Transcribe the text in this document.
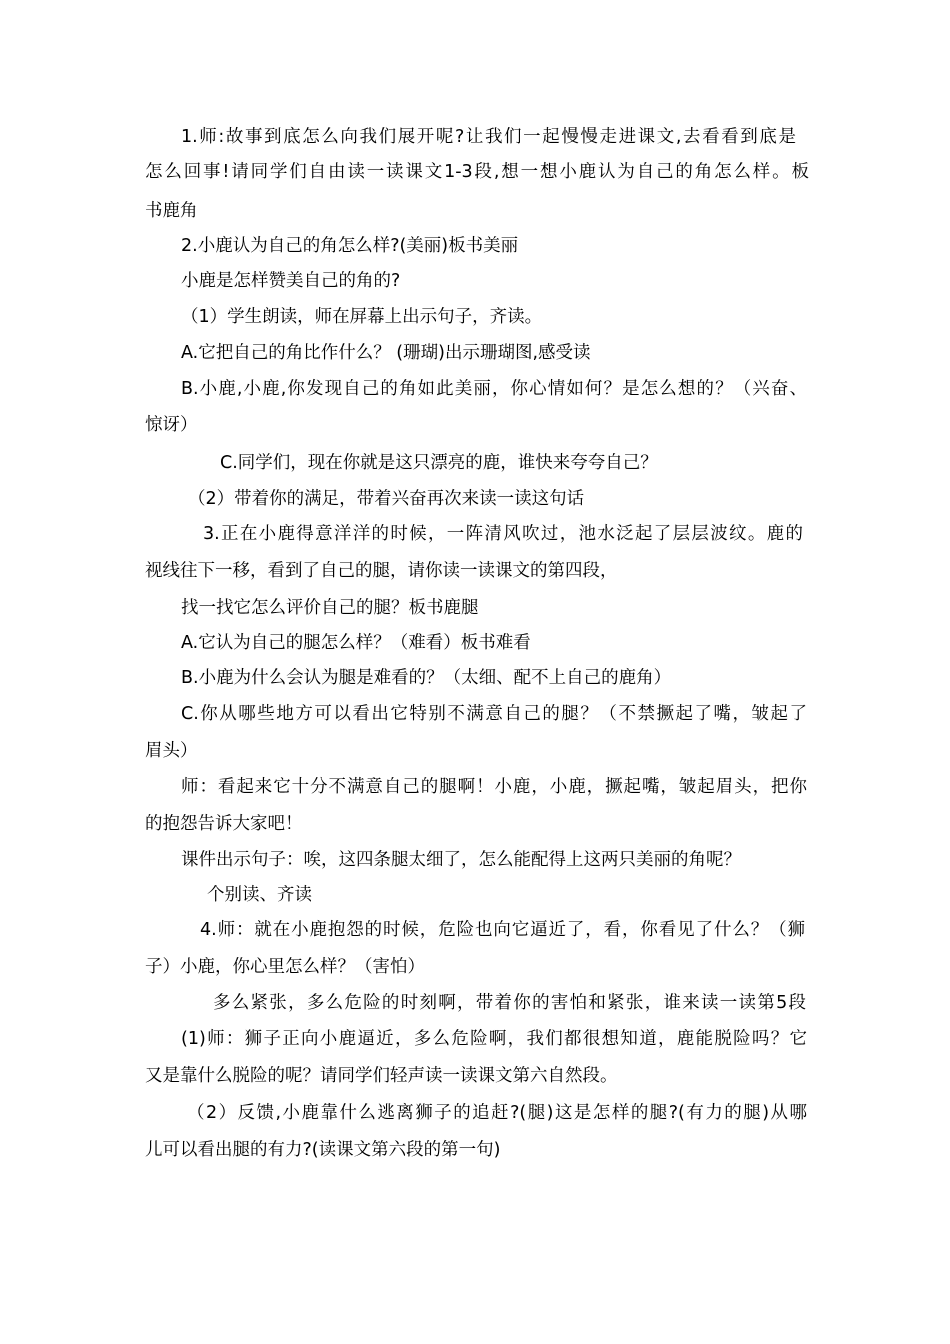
1.师:故事到底怎么向我们展开呢?让我们一起慢慢走进课文,去看看到底是
怎么回事!请同学们自由读一读课文1-3段,想一想小鹿认为自己的角怎么样。板
书鹿角
2.小鹿认为自己的角怎么样?(美丽)板书美丽
小鹿是怎样赞美自己的角的?
（1）学生朗读，师在屏幕上出示句子，齐读。
A.它把自己的角比作什么？ (珊瑚)出示珊瑚图,感受读
B.小鹿,小鹿,你发现自己的角如此美丽，你心情如何？是怎么想的？（兴奋、
惊讶）
C.同学们，现在你就是这只漂亮的鹿，谁快来夸夸自己？
（2）带着你的满足，带着兴奋再次来读一读这句话
3.正在小鹿得意洋洋的时候，一阵清风吹过，池水泛起了层层波纹。鹿的
视线往下一移，看到了自己的腿，请你读一读课文的第四段，
找一找它怎么评价自己的腿？板书鹿腿
A.它认为自己的腿怎么样？（难看）板书难看
B.小鹿为什么会认为腿是难看的？（太细、配不上自己的鹿角）
C.你从哪些地方可以看出它特别不满意自己的腿？（不禁撅起了嘴，皱起了
眉头）
师：看起来它十分不满意自己的腿啊！小鹿，小鹿，撅起嘴，皱起眉头，把你
的抱怨告诉大家吧！
课件出示句子：唉，这四条腿太细了，怎么能配得上这两只美丽的角呢？
个别读、齐读
4.师：就在小鹿抱怨的时候，危险也向它逼近了，看，你看见了什么？（狮
子）小鹿，你心里怎么样？（害怕）
多么紧张，多么危险的时刻啊，带着你的害怕和紧张，谁来读一读第5段
(1)师：狮子正向小鹿逼近，多么危险啊，我们都很想知道，鹿能脱险吗？它
又是靠什么脱险的呢？请同学们轻声读一读课文第六自然段。
（2）反馈,小鹿靠什么逃离狮子的追赶?(腿)这是怎样的腿?(有力的腿)从哪
儿可以看出腿的有力?(读课文第六段的第一句)
